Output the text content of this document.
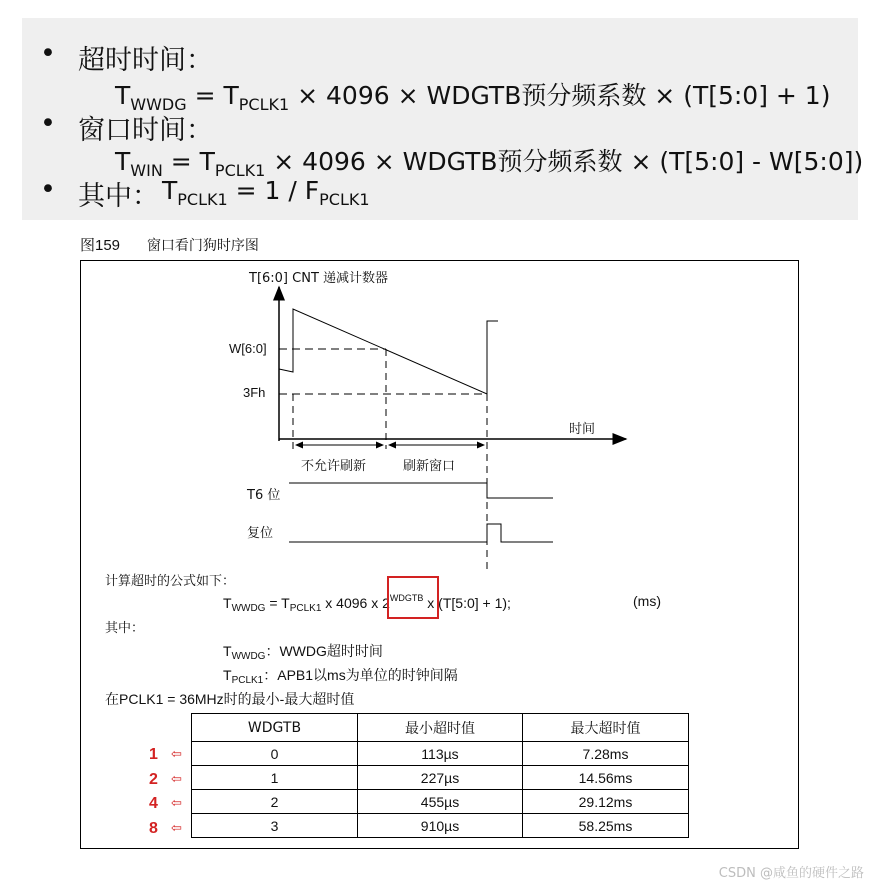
• 超时时间：
$T_{WWDG} = T_{PCLK1} \times 4096$ × WDGTB预分频系数 × (T[5:0] + 1)
• 窗口时间：
$T_{WIN} = T_{PCLK1} \times 4096$ × WDGTB预分频系数 × (T[5:0] - W[5:0])
• 其中： $T_{PCLK1} = 1 / F_{PCLK1}$
图159 窗口看门狗时序图
T[6:0] CNT 递减计数器
W[6:0]
3Fh
时间
不允许刷新	刷新窗口
T6 位
复位
计算超时的公式如下：
$T_{WWDG} = T_{PCLK1}$ x 4096 x $2^{WDGTB}$ x (T[5:0] + 1);	(ms)
其中：
$T_{WWDG}$：WWDG超时时间
$T_{PCLK1}$：APB1以ms为单位的时钟间隔
在PCLK1 = 36MHz时的最小-最大超时值
WDGTB	最小超时值	最大超时值
0	113µs	7.28ms
1	227µs	14.56ms
2	455µs	29.12ms
3	910µs	58.25ms
1 ⇦
2 ⇦
4 ⇦
8 ⇦
CSDN @咸鱼的硬件之路
